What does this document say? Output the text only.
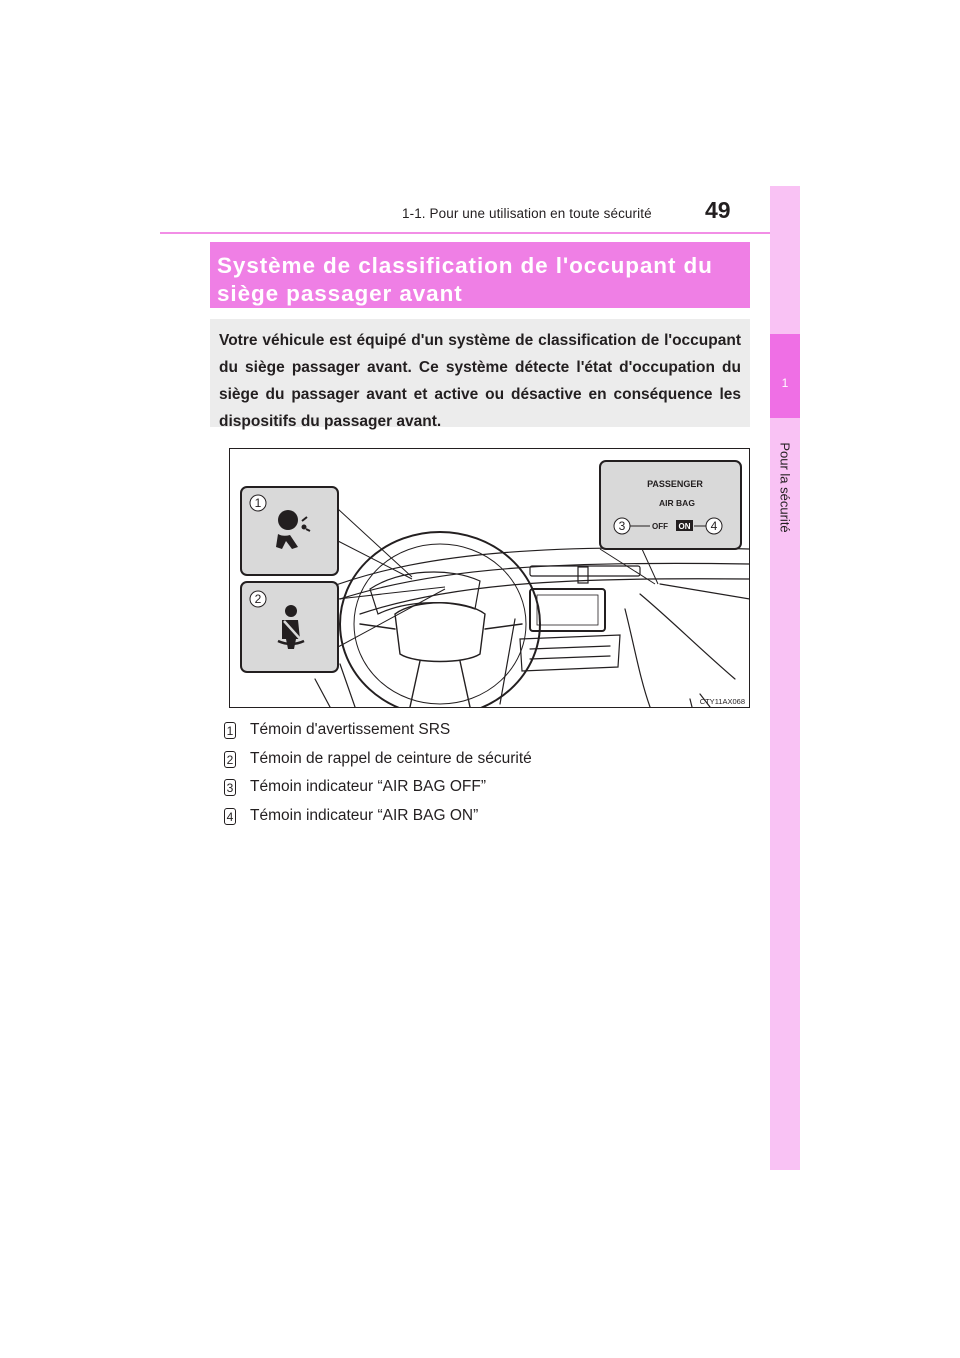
1-1. Pour une utilisation en toute sécurité 49
1
Pour la sécurité
Système de classification de l'occupant du
siège passager avant
Votre véhicule est équipé d'un système de classification de l'occupant du siège passager avant. Ce système détecte l'état d'occupation du siège du passager avant et active ou désactive en conséquence les dispositifs du passager avant.
PASSENGER
AIR BAG
OFF ON
1
2
3	4
CTY11AX068
1 Témoin d'avertissement SRS
2 Témoin de rappel de ceinture de sécurité
3 Témoin indicateur “AIR BAG OFF”
4 Témoin indicateur “AIR BAG ON”
